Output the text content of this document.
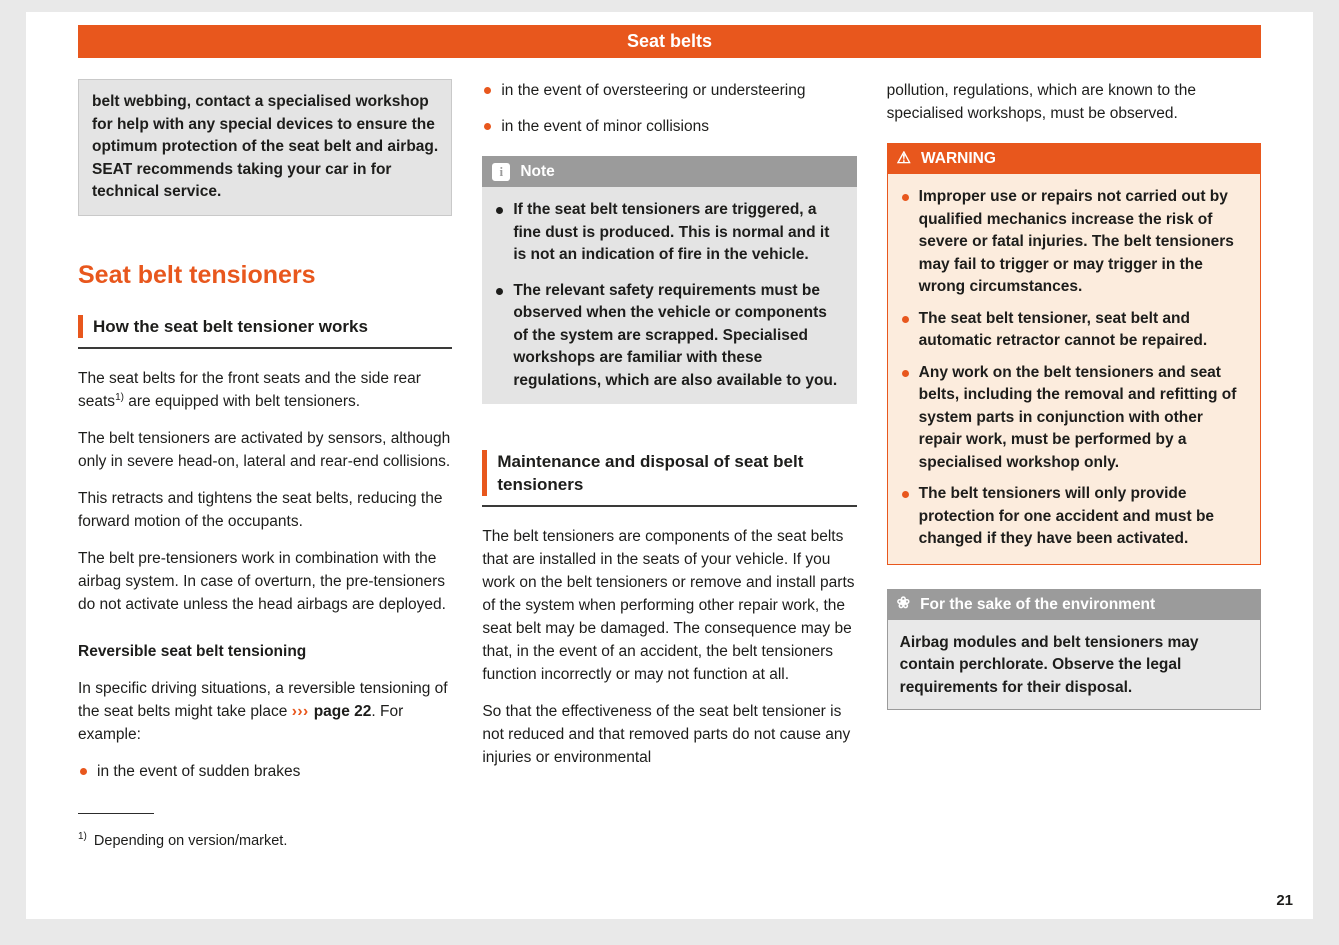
Seat belts
belt webbing, contact a specialised workshop for help with any special devices to ensure the optimum protection of the seat belt and airbag. SEAT recommends taking your car in for technical service.
Seat belt tensioners
How the seat belt tensioner works

The seat belts for the front seats and the side rear seats$^{1)}$ are equipped with belt tensioners.

The belt tensioners are activated by sensors, although only in severe head-on, lateral and rear-end collisions.

This retracts and tightens the seat belts, reducing the forward motion of the occupants.

The belt pre-tensioners work in combination with the airbag system. In case of overturn, the pre-tensioners do not activate unless the head airbags are deployed.

Reversible seat belt tensioning

In specific driving situations, a reversible tensioning of the seat belts might take place ››› page 22. For example:

in the event of sudden brakes

$^{1)}$ Depending on version/market.

in the event of oversteering or understeering
in the event of minor collisions
i	Note
If the seat belt tensioners are triggered, a fine dust is produced. This is normal and it is not an indication of fire in the vehicle.
The relevant safety requirements must be observed when the vehicle or components of the system are scrapped. Specialised workshops are familiar with these regulations, which are also available to you.
Maintenance and disposal of seat belt tensioners

The belt tensioners are components of the seat belts that are installed in the seats of your vehicle. If you work on the belt tensioners or remove and install parts of the system when performing other repair work, the seat belt may be damaged. The consequence may be that, in the event of an accident, the belt tensioners function incorrectly or may not function at all.

So that the effectiveness of the seat belt tensioner is not reduced and that removed parts do not cause any injuries or environmental

pollution, regulations, which are known to the specialised workshops, must be observed.

⚠ WARNING
Improper use or repairs not carried out by qualified mechanics increase the risk of severe or fatal injuries. The belt tensioners may fail to trigger or may trigger in the wrong circumstances.
The seat belt tensioner, seat belt and automatic retractor cannot be repaired.
Any work on the belt tensioners and seat belts, including the removal and refitting of system parts in conjunction with other repair work, must be performed by a specialised workshop only.
The belt tensioners will only provide protection for one accident and must be changed if they have been activated.
❀ For the sake of the environment
Airbag modules and belt tensioners may contain perchlorate. Observe the legal requirements for their disposal.
21
